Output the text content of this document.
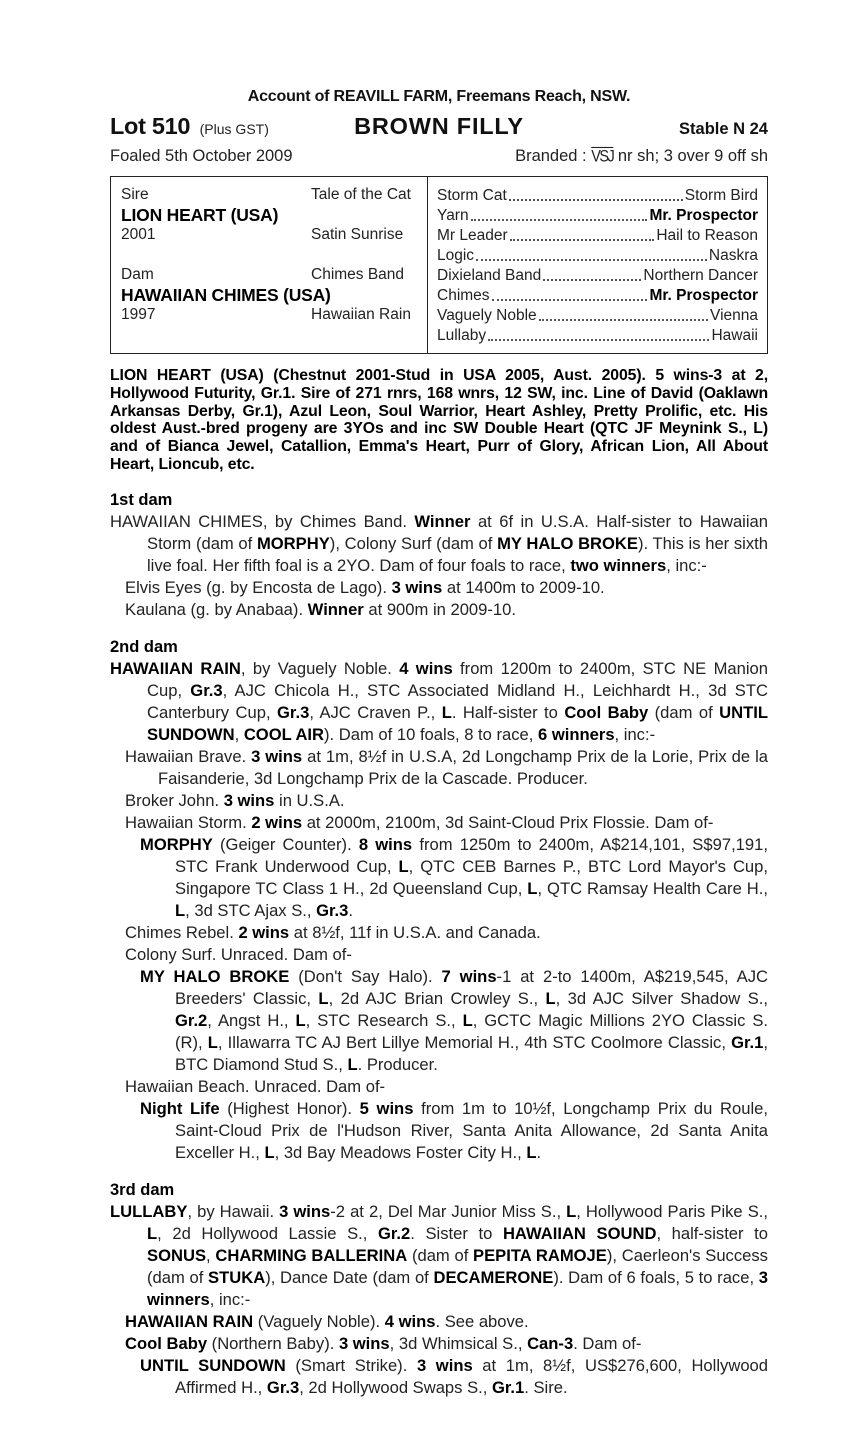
Account of REAVILL FARM, Freemans Reach, NSW.
Lot 510 (Plus GST)	BROWN FILLY	Stable N 24
Foaled 5th October 2009	Branded : $\overline{VSJ}$ nr sh; 3 over 9 off sh
Sire	Tale of the Cat
LION HEART (USA)
2001	Satin Sunrise
Dam	Chimes Band
HAWAIIAN CHIMES (USA)
1997	Hawaiian Rain
Storm Cat	Storm Bird
Yarn	Mr. Prospector
Mr Leader	Hail to Reason
Logic	Naskra
Dixieland Band	Northern Dancer
Chimes	Mr. Prospector
Vaguely Noble	Vienna
Lullaby	Hawaii
LION HEART (USA) (Chestnut 2001-Stud in USA 2005, Aust. 2005). 5 wins-3 at 2, Hollywood Futurity, Gr.1. Sire of 271 rnrs, 168 wnrs, 12 SW, inc. Line of David (Oaklawn Arkansas Derby, Gr.1), Azul Leon, Soul Warrior, Heart Ashley, Pretty Prolific, etc. His oldest Aust.-bred progeny are 3YOs and inc SW Double Heart (QTC JF Meynink S., L) and of Bianca Jewel, Catallion, Emma's Heart, Purr of Glory, African Lion, All About Heart, Lioncub, etc.
1st dam
HAWAIIAN CHIMES, by Chimes Band. Winner at 6f in U.S.A. Half-sister to Hawaiian Storm (dam of MORPHY), Colony Surf (dam of MY HALO BROKE). This is her sixth live foal. Her fifth foal is a 2YO. Dam of four foals to race, two winners, inc:-
Elvis Eyes (g. by Encosta de Lago). 3 wins at 1400m to 2009-10.
Kaulana (g. by Anabaa). Winner at 900m in 2009-10.
2nd dam
HAWAIIAN RAIN, by Vaguely Noble. 4 wins from 1200m to 2400m, STC NE Manion Cup, Gr.3, AJC Chicola H., STC Associated Midland H., Leichhardt H., 3d STC Canterbury Cup, Gr.3, AJC Craven P., L. Half-sister to Cool Baby (dam of UNTIL SUNDOWN, COOL AIR). Dam of 10 foals, 8 to race, 6 winners, inc:-
Hawaiian Brave. 3 wins at 1m, 8½f in U.S.A, 2d Longchamp Prix de la Lorie, Prix de la Faisanderie, 3d Longchamp Prix de la Cascade. Producer.
Broker John. 3 wins in U.S.A.
Hawaiian Storm. 2 wins at 2000m, 2100m, 3d Saint-Cloud Prix Flossie. Dam of-
MORPHY (Geiger Counter). 8 wins from 1250m to 2400m, A$214,101, S$97,191, STC Frank Underwood Cup, L, QTC CEB Barnes P., BTC Lord Mayor's Cup, Singapore TC Class 1 H., 2d Queensland Cup, L, QTC Ramsay Health Care H., L, 3d STC Ajax S., Gr.3.
Chimes Rebel. 2 wins at 8½f, 11f in U.S.A. and Canada.
Colony Surf. Unraced. Dam of-
MY HALO BROKE (Don't Say Halo). 7 wins-1 at 2-to 1400m, A$219,545, AJC Breeders' Classic, L, 2d AJC Brian Crowley S., L, 3d AJC Silver Shadow S., Gr.2, Angst H., L, STC Research S., L, GCTC Magic Millions 2YO Classic S. (R), L, Illawarra TC AJ Bert Lillye Memorial H., 4th STC Coolmore Classic, Gr.1, BTC Diamond Stud S., L. Producer.
Hawaiian Beach. Unraced. Dam of-
Night Life (Highest Honor). 5 wins from 1m to 10½f, Longchamp Prix du Roule, Saint-Cloud Prix de l'Hudson River, Santa Anita Allowance, 2d Santa Anita Exceller H., L, 3d Bay Meadows Foster City H., L.
3rd dam
LULLABY, by Hawaii. 3 wins-2 at 2, Del Mar Junior Miss S., L, Hollywood Paris Pike S., L, 2d Hollywood Lassie S., Gr.2. Sister to HAWAIIAN SOUND, half-sister to SONUS, CHARMING BALLERINA (dam of PEPITA RAMOJE), Caerleon's Success (dam of STUKA), Dance Date (dam of DECAMERONE). Dam of 6 foals, 5 to race, 3 winners, inc:-
HAWAIIAN RAIN (Vaguely Noble). 4 wins. See above.
Cool Baby (Northern Baby). 3 wins, 3d Whimsical S., Can-3. Dam of-
UNTIL SUNDOWN (Smart Strike). 3 wins at 1m, 8½f, US$276,600, Hollywood Affirmed H., Gr.3, 2d Hollywood Swaps S., Gr.1. Sire.
